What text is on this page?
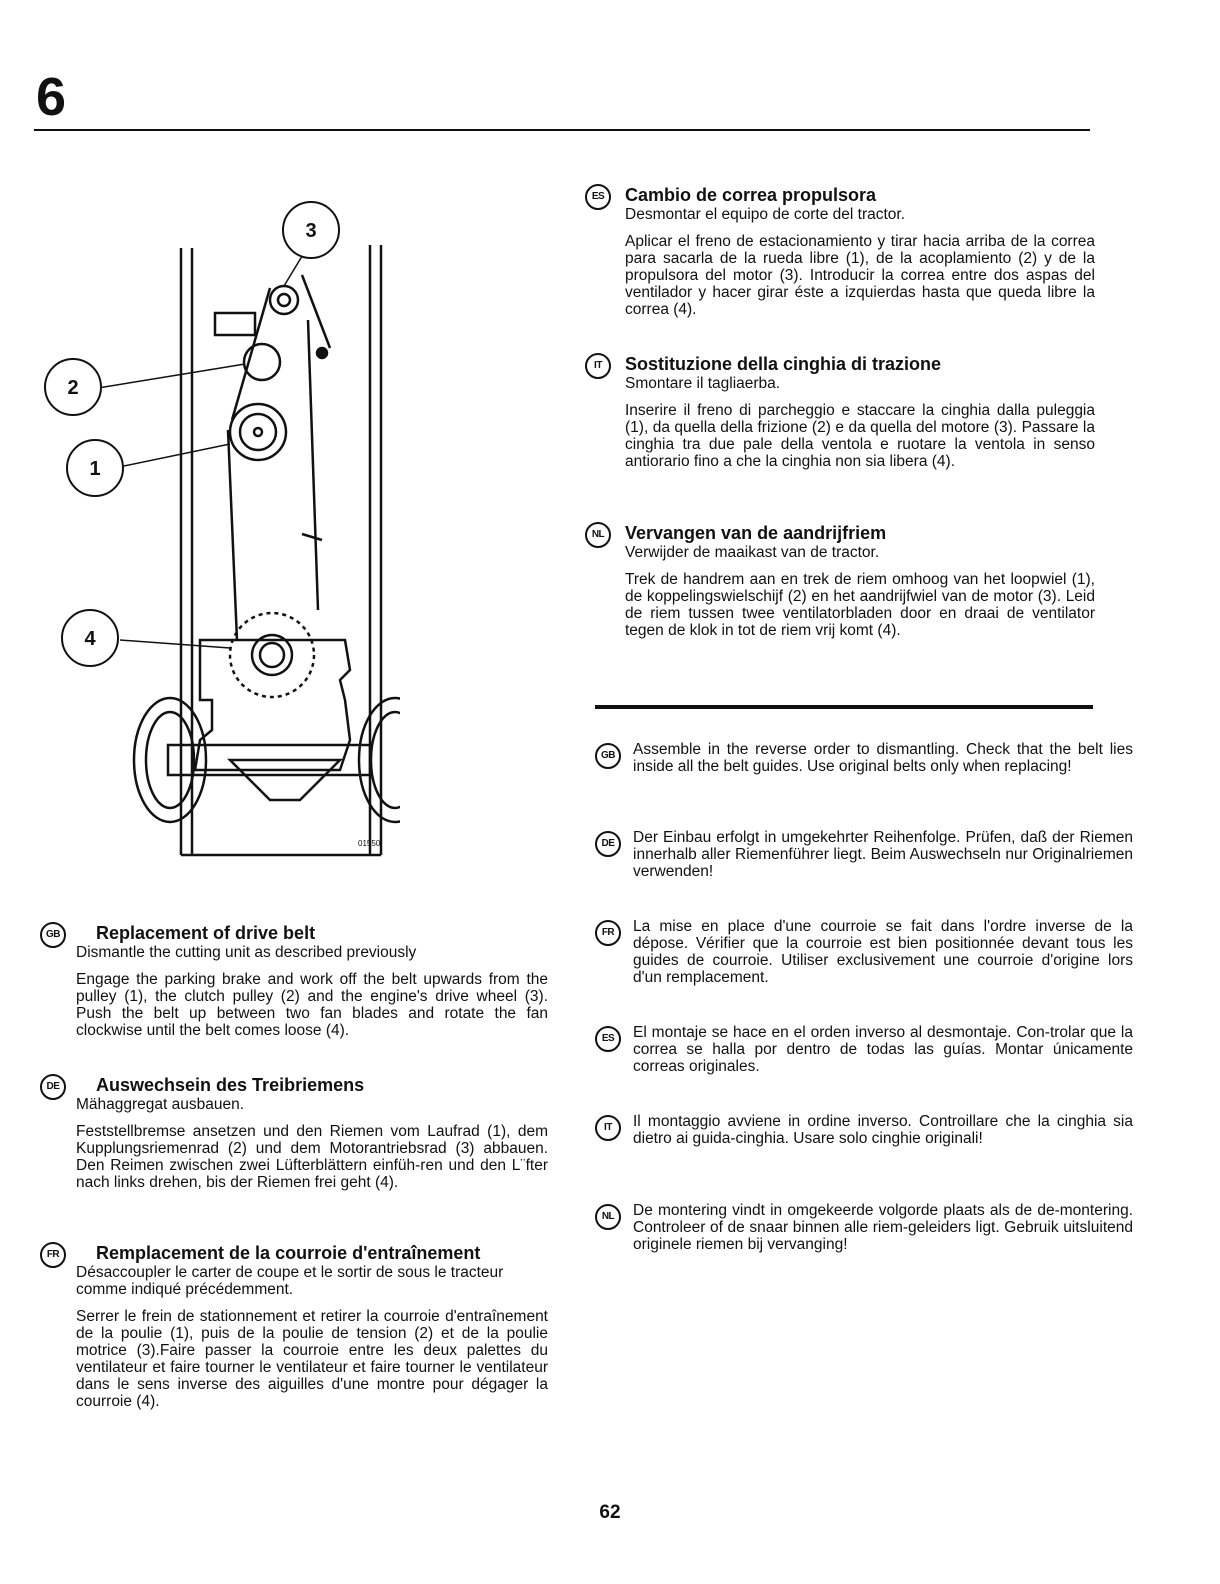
6
3
2
1
4
01550
GB	Replacement of drive belt

Dismantle the cutting unit as described previously

Engage the parking brake and work off the belt upwards from the pulley (1), the clutch pulley (2) and the engine's drive wheel (3). Push the belt up between two fan blades and rotate the fan clockwise until the belt comes loose (4).

DE	Auswechsein des Treibriemens

Mähaggregat ausbauen.

Feststellbremse ansetzen und den Riemen vom Laufrad (1), dem Kupplungsriemenrad (2) und dem Motorantriebsrad (3) abbauen. Den Reimen zwischen zwei Lüfterblättern einfüh-ren und den L¨fter nach links drehen, bis der Riemen frei geht (4).

FR	Remplacement de la courroie d'entraînement

Désaccoupler le carter de coupe et le sortir de sous le tracteur comme indiqué précédemment.

Serrer le frein de stationnement et retirer la courroie d'entraînement de la poulie (1), puis de la poulie de tension (2) et de la poulie motrice (3).Faire passer la courroie entre les deux palettes du ventilateur et faire tourner le ventilateur et faire tourner le ventilateur dans le sens inverse des aiguilles d'une montre pour dégager la courroie (4).

ES	Cambio de correa propulsora

Desmontar el equipo de corte del tractor.

Aplicar el freno de estacionamiento y tirar hacia arriba de la correa para sacarla de la rueda libre (1), de la acoplamiento (2) y de la propulsora del motor (3). Introducir la correa entre dos aspas del ventilador y hacer girar éste a izquierdas hasta que queda libre la correa (4).

IT	Sostituzione della cinghia di trazione

Smontare il tagliaerba.

Inserire il freno di parcheggio e staccare la cinghia dalla puleggia (1), da quella della frizione (2) e da quella del motore (3). Passare la cinghia tra due pale della ventola e ruotare la ventola in senso antiorario fino a che la cinghia non sia libera (4).

NL	Vervangen van de aandrijfriem

Verwijder de maaikast van de tractor.

Trek de handrem aan en trek de riem omhoog van het loopwiel (1), de koppelingswielschijf (2) en het aandrijfwiel van de motor (3). Leid de riem tussen twee ventilatorbladen door en draai de ventilator tegen de klok in tot de riem vrij komt (4).

GB	Assemble in the reverse order to dismantling. Check that the belt lies inside all the belt guides. Use original belts only when replacing!

DE	Der Einbau erfolgt in umgekehrter Reihenfolge. Prüfen, daß der Riemen innerhalb aller Riemenführer liegt. Beim Auswechseln nur Originalriemen verwenden!

FR	La mise en place d'une courroie se fait dans l'ordre inverse de la dépose. Vérifier que la courroie est bien positionnée devant tous les guides de courroie. Utiliser exclusivement une courroie d'origine lors d'un remplacement.

ES	El montaje se hace en el orden inverso al desmontaje. Con-trolar que la correa se halla por dentro de todas las guías. Montar únicamente correas originales.

IT	Il montaggio avviene in ordine inverso. Controillare che la cinghia sia dietro ai guida-cinghia. Usare solo cinghie originali!

NL	De montering vindt in omgekeerde volgorde plaats als de de-montering. Controleer of de snaar binnen alle riem-geleiders ligt. Gebruik uitsluitend originele riemen bij vervanging!

62
